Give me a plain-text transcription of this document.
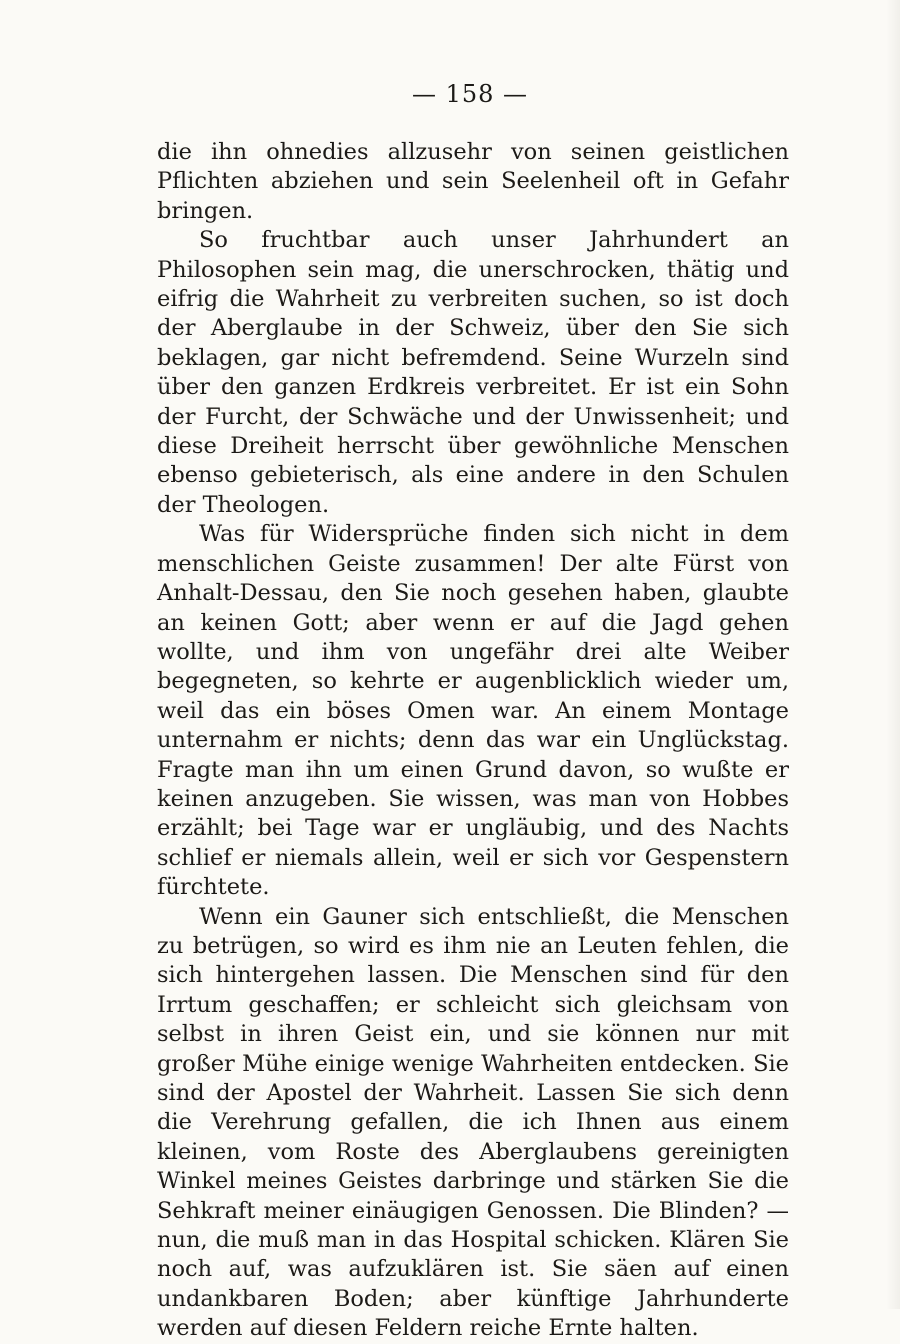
— 158 —

die ihn ohnedies allzusehr von seinen geistlichen Pflichten abziehen und sein Seelenheil oft in Gefahr bringen.

So fruchtbar auch unser Jahrhundert an Philosophen sein mag, die unerschrocken, thätig und eifrig die Wahrheit zu verbreiten suchen, so ist doch der Aberglaube in der Schweiz, über den Sie sich beklagen, gar nicht befremdend. Seine Wurzeln sind über den ganzen Erdkreis verbreitet. Er ist ein Sohn der Furcht, der Schwäche und der Unwissenheit; und diese Dreiheit herrscht über gewöhnliche Menschen ebenso gebieterisch, als eine andere in den Schulen der Theologen.

Was für Widersprüche finden sich nicht in dem menschlichen Geiste zusammen! Der alte Fürst von Anhalt-Dessau, den Sie noch gesehen haben, glaubte an keinen Gott; aber wenn er auf die Jagd gehen wollte, und ihm von ungefähr drei alte Weiber begegneten, so kehrte er augenblicklich wieder um, weil das ein böses Omen war. An einem Montage unternahm er nichts; denn das war ein Unglückstag. Fragte man ihn um einen Grund davon, so wußte er keinen anzugeben. Sie wissen, was man von Hobbes erzählt; bei Tage war er ungläubig, und des Nachts schlief er niemals allein, weil er sich vor Gespenstern fürchtete.

Wenn ein Gauner sich entschließt, die Menschen zu betrügen, so wird es ihm nie an Leuten fehlen, die sich hintergehen lassen. Die Menschen sind für den Irrtum geschaffen; er schleicht sich gleichsam von selbst in ihren Geist ein, und sie können nur mit großer Mühe einige wenige Wahrheiten entdecken. Sie sind der Apostel der Wahrheit. Lassen Sie sich denn die Verehrung gefallen, die ich Ihnen aus einem kleinen, vom Roste des Aberglaubens gereinigten Winkel meines Geistes darbringe und stärken Sie die Sehkraft meiner einäugigen Genossen. Die Blinden? — nun, die muß man in das Hospital schicken. Klären Sie noch auf, was aufzuklären ist. Sie säen auf einen undankbaren Boden; aber künftige Jahrhunderte werden auf diesen Feldern reiche Ernte halten.
